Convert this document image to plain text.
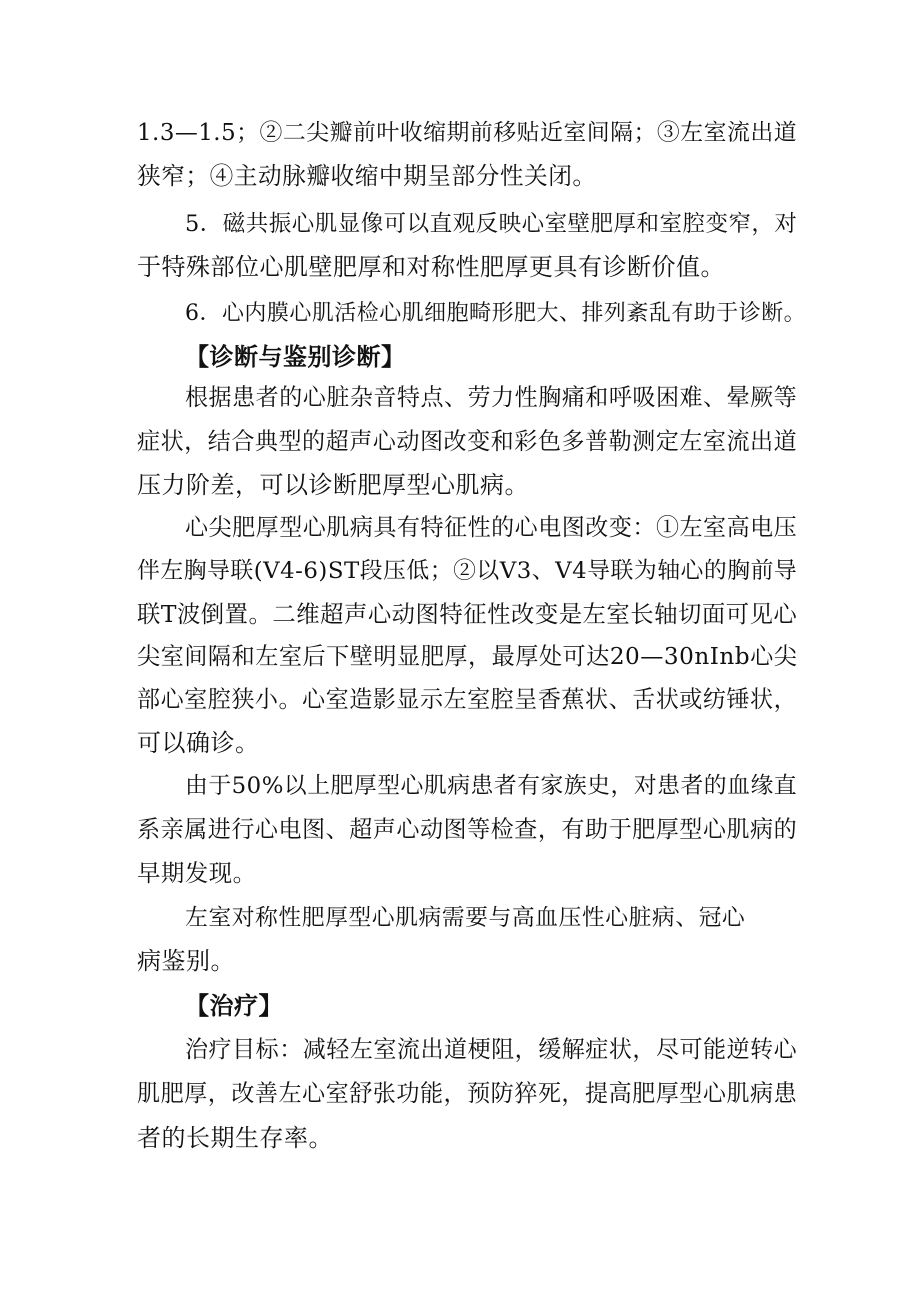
1.3—1.5；②二尖瓣前叶收缩期前移贴近室间隔；③左室流出道
狭窄；④主动脉瓣收缩中期呈部分性关闭。
5．磁共振心肌显像可以直观反映心室壁肥厚和室腔变窄，对
于特殊部位心肌壁肥厚和对称性肥厚更具有诊断价值。
6．心内膜心肌活检心肌细胞畸形肥大、排列紊乱有助于诊断。
【诊断与鉴别诊断】
根据患者的心脏杂音特点、劳力性胸痛和呼吸困难、晕厥等
症状，结合典型的超声心动图改变和彩色多普勒测定左室流出道
压力阶差，可以诊断肥厚型心肌病。
心尖肥厚型心肌病具有特征性的心电图改变：①左室高电压
伴左胸导联(V4-6)ST段压低；②以V3、V4导联为轴心的胸前导
联T波倒置。二维超声心动图特征性改变是左室长轴切面可见心
尖室间隔和左室后下壁明显肥厚，最厚处可达20—30nInb心尖
部心室腔狭小。心室造影显示左室腔呈香蕉状、舌状或纺锤状，
可以确诊。
由于50%以上肥厚型心肌病患者有家族史，对患者的血缘直
系亲属进行心电图、超声心动图等检查，有助于肥厚型心肌病的
早期发现。
左室对称性肥厚型心肌病需要与高血压性心脏病、冠心
病鉴别。
【治疗】
治疗目标：减轻左室流出道梗阻，缓解症状，尽可能逆转心
肌肥厚，改善左心室舒张功能，预防猝死，提高肥厚型心肌病患
者的长期生存率。
